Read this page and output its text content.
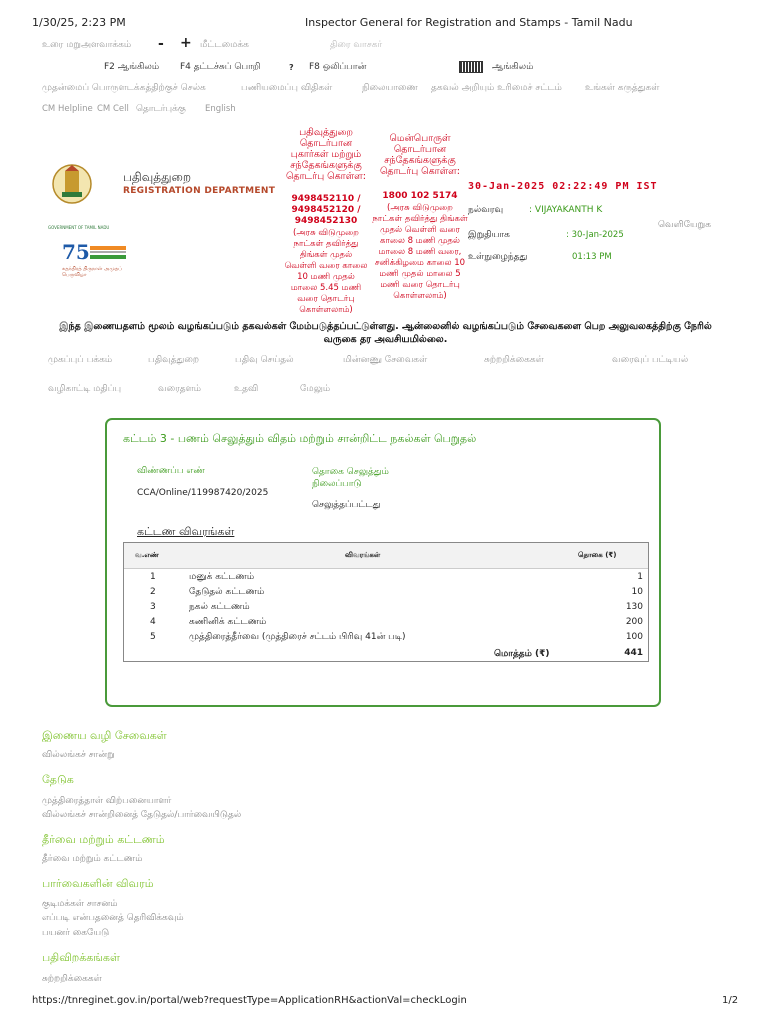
1/30/25, 2:23 PM	Inspector General for Registration and Stamps - Tamil Nadu
உரை மறுஅளவாக்கம் - + மீட்டமைக்க	திரை வாசகர்
F2 ஆங்கிலம் F4 தட்டச்சுப் பொறி	? F8 ஒலிப்பான்	ஆங்கிலம்
முதன்மைப் பொருளடக்கத்திற்குச் செல்க	பணியமைப்பு விதிகள்	நிலையாணை தகவல் அறியும் உரிமைச் சட்டம்	உங்கள் கருத்துகள்
CM Helpline CM Cell தொடர்புக்கு English
பதிவுத்துறை
REGISTRATION DEPARTMENT
GOVERNMENT OF TAMIL NADU
75
சுதந்திரத் திருநாள் அமுதப் பெருவிழா
பதிவுத்துறை தொடர்பான புகார்கள் மற்றும் சந்தேகங்களுக்கு தொடர்பு கொள்ள:
9498452110 / 9498452120 / 9498452130
(அரசு விடுமுறை நாட்கள் தவிர்த்து திங்கள் முதல் வெள்ளி வரை காலை 10 மணி முதல் மாலை 5.45 மணி வரை தொடர்பு கொள்ளலாம்)
மென்பொருள் தொடர்பான சந்தேகங்களுக்கு தொடர்பு கொள்ள:
1800 102 5174
(அரசு விடுமுறை நாட்கள் தவிர்த்து திங்கள் முதல் வெள்ளி வரை காலை 8 மணி முதல் மாலை 8 மணி வரை, சனிக்கிழமை காலை 10 மணி முதல் மாலை 5 மணி வரை தொடர்பு கொள்ளலாம்)
30-Jan-2025 02:22:49 PM IST
நல்வரவு	: VIJAYAKANTH K
வெளியேறுக
இறுதியாக	: 30-Jan-2025
உள்நுழைந்தது	01:13 PM
இந்த இணையதளம் மூலம் வழங்கப்படும் தகவல்கள் மேம்படுத்தப்பட்டுள்ளது. ஆன்லைனில் வழங்கப்படும் சேவைகளை பெற அலுவலகத்திற்கு நேரில் வருகை தர அவசியமில்லை.
முகப்புப் பக்கம்	பதிவுத்துறை	பதிவு செய்தல்	மின்னணு சேவைகள்	சுற்றறிக்கைகள்	வரைவுப் பட்டியல்
வழிகாட்டி மதிப்பு	வரைதளம்	உதவி	மேலும்
கட்டம் 3 - பணம் செலுத்தும் விதம் மற்றும் சான்றிட்ட நகல்கள் பெறுதல்
விண்ணப்ப எண்
CCA/Online/119987420/2025
தொகை செலுத்தும் நிலைப்பாடு
செலுத்தப்பட்டது
கட்டண விவரங்கள்
வ.எண்	விவரங்கள்	தொகை (₹)
1	மனுக் கட்டணம்	1
2	தேடுதல் கட்டணம்	10
3	நகல் கட்டணம்	130
4	கணினிக் கட்டணம்	200
5	முத்திரைத்தீர்வை (முத்திரைச் சட்டம் பிரிவு 41ன் படி)	100
மொத்தம் (₹)	441
இணைய வழி சேவைகள்
வில்லங்கச் சான்று
தேடுக
முத்திரைத்தாள் விற்பனையாளர்
வில்லங்கச் சான்றினைத் தேடுதல்/பார்வையிடுதல்
தீர்வை மற்றும் கட்டணம்
தீர்வை மற்றும் கட்டணம்
பார்வைகளின் விவரம்
குடிமக்கள் சாசனம்
எப்படி என்பதனைத் தெரிவிக்கவும்
பயனர் கையேடு
பதிவிறக்கங்கள்
சுற்றறிக்கைகள்
https://tnreginet.gov.in/portal/web?requestType=ApplicationRH&actionVal=checkLogin	1/2
